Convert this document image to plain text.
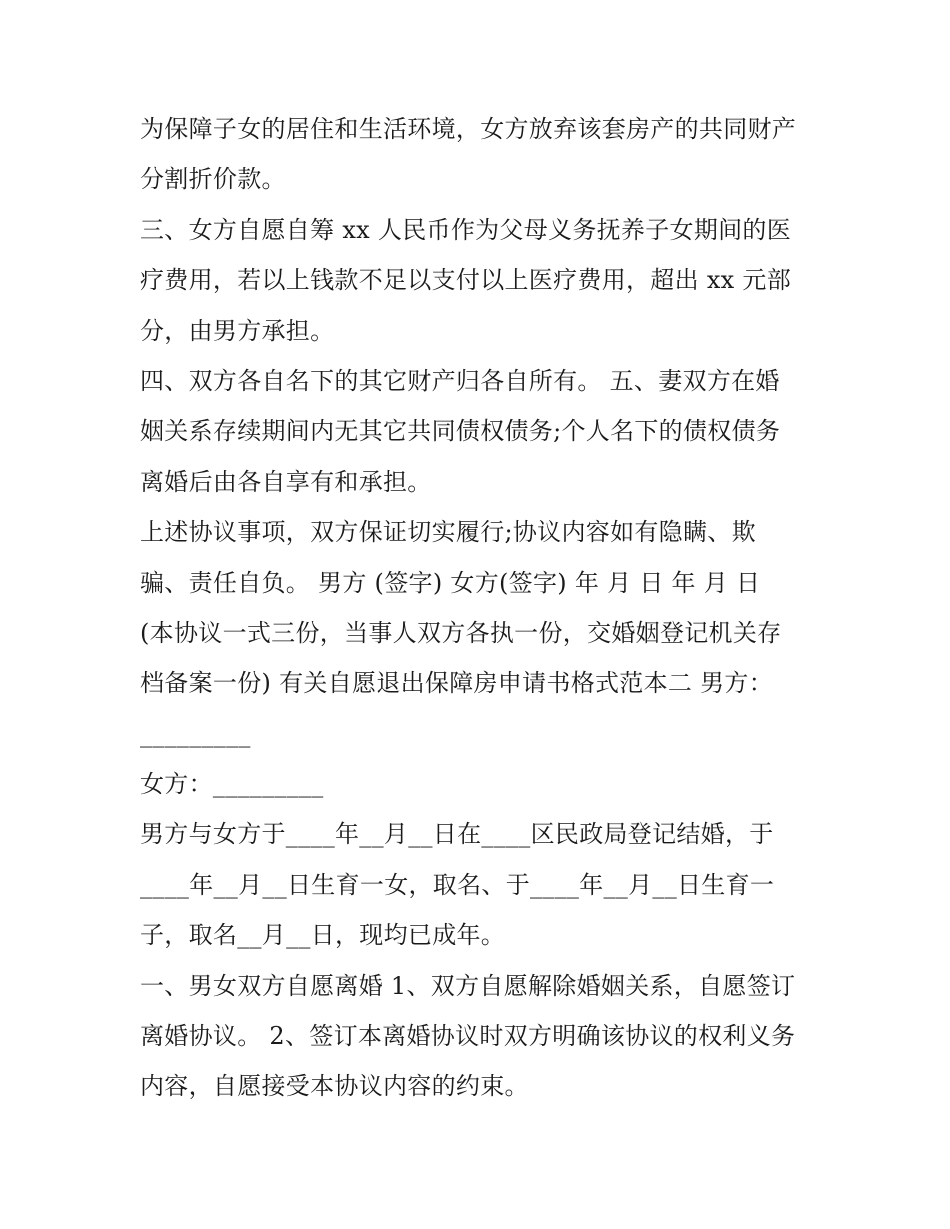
为保障子女的居住和生活环境，女方放弃该套房产的共同财产
分割折价款。
三、女方自愿自筹 xx 人民币作为父母义务抚养子女期间的医
疗费用，若以上钱款不足以支付以上医疗费用，超出 xx 元部
分，由男方承担。
四、双方各自名下的其它财产归各自所有。 五、妻双方在婚
姻关系存续期间内无其它共同债权债务;个人名下的债权债务
离婚后由各自享有和承担。
上述协议事项，双方保证切实履行;协议内容如有隐瞒、欺
骗、责任自负。 男方 (签字) 女方(签字) 年 月 日 年 月 日
(本协议一式三份，当事人双方各执一份，交婚姻登记机关存
档备案一份) 有关自愿退出保障房申请书格式范本二 男方：
_________
女方：_________
男方与女方于____年__月__日在____区民政局登记结婚，于
____年__月__日生育一女，取名、于____年__月__日生育一
子，取名__月__日，现均已成年。
一、男女双方自愿离婚 1、双方自愿解除婚姻关系，自愿签订
离婚协议。 2、签订本离婚协议时双方明确该协议的权利义务
内容，自愿接受本协议内容的约束。
